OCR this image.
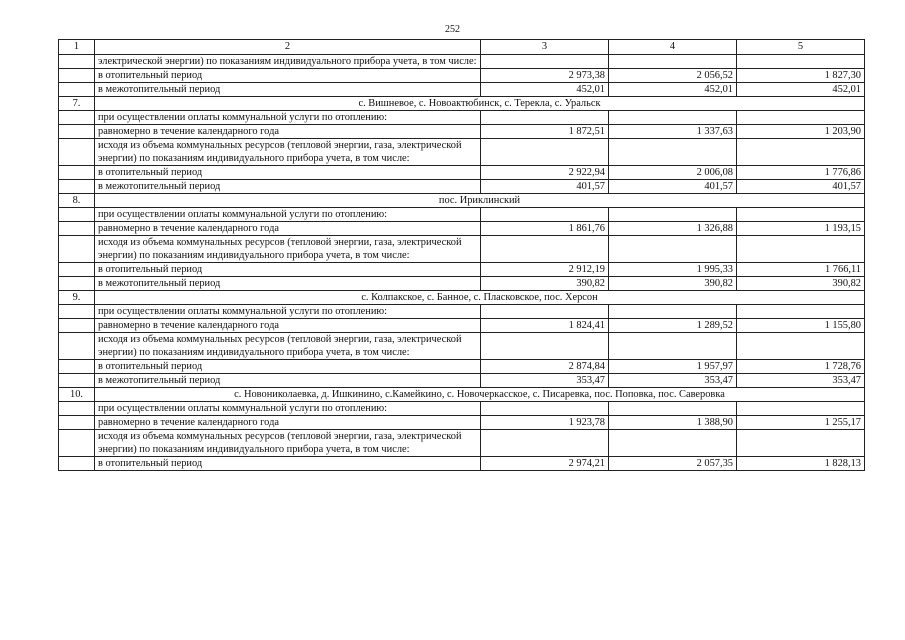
252
1	2	3	4	5
	электрической энергии) по показаниям индивидуального прибора учета, в том числе:			
	в отопительный период	2 973,38	2 056,52	1 827,30
	в межотопительный период	452,01	452,01	452,01
7.	с. Вишневое, с. Новоактюбинск, с. Терекла, с. Уральск			
	при осуществлении оплаты коммунальной услуги по отоплению:			
	равномерно в течение календарного года	1 872,51	1 337,63	1 203,90
	исходя из объема коммунальных ресурсов (тепловой энергии, газа, электрической энергии) по показаниям индивидуального прибора учета, в том числе:			
	в отопительный период	2 922,94	2 006,08	1 776,86
	в межотопительный период	401,57	401,57	401,57
8.	пос. Ириклинский			
	при осуществлении оплаты коммунальной услуги по отоплению:			
	равномерно в течение календарного года	1 861,76	1 326,88	1 193,15
	исходя из объема коммунальных ресурсов (тепловой энергии, газа, электрической энергии) по показаниям индивидуального прибора учета, в том числе:			
	в отопительный период	2 912,19	1 995,33	1 766,11
	в межотопительный период	390,82	390,82	390,82
9.	с. Колпакское, с. Банное, с. Пласковское, пос. Херсон			
	при осуществлении оплаты коммунальной услуги по отоплению:			
	равномерно в течение календарного года	1 824,41	1 289,52	1 155,80
	исходя из объема коммунальных ресурсов (тепловой энергии, газа, электрической энергии) по показаниям индивидуального прибора учета, в том числе:			
	в отопительный период	2 874,84	1 957,97	1 728,76
	в межотопительный период	353,47	353,47	353,47
10.	с. Новониколаевка, д. Ишкинино, с.Камейкино, с. Новочеркасское, с. Писаревка, пос. Поповка, пос. Саверовка			
	при осуществлении оплаты коммунальной услуги по отоплению:			
	равномерно в течение календарного года	1 923,78	1 388,90	1 255,17
	исходя из объема коммунальных ресурсов (тепловой энергии, газа, электрической энергии) по показаниям индивидуального прибора учета, в том числе:			
	в отопительный период	2 974,21	2 057,35	1 828,13
